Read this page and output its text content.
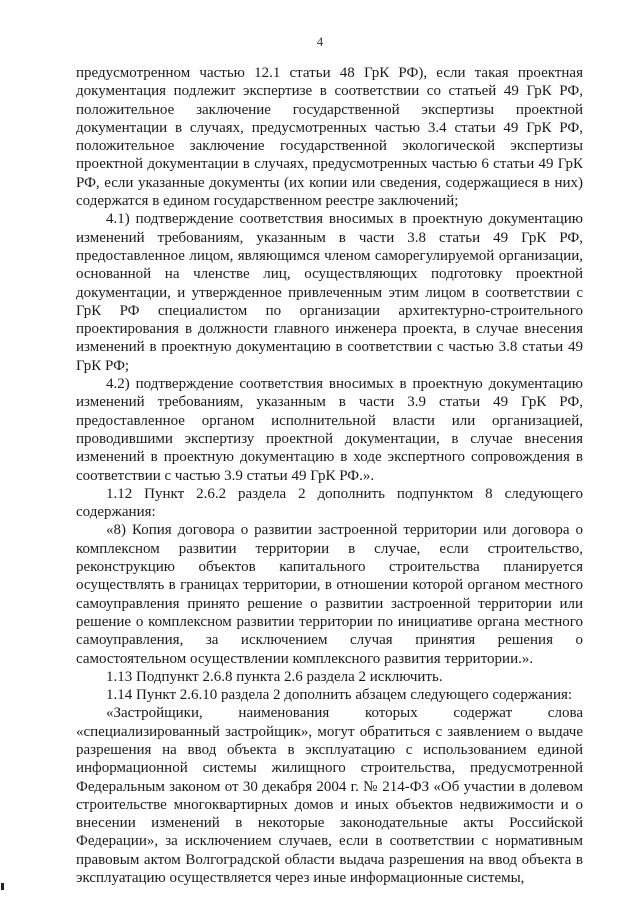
4

предусмотренном частью 12.1 статьи 48 ГрК РФ), если такая проектная документация подлежит экспертизе в соответствии со статьей 49 ГрК РФ, положительное заключение государственной экспертизы проектной документации в случаях, предусмотренных частью 3.4 статьи 49 ГрК РФ, положительное заключение государственной экологической экспертизы проектной документации в случаях, предусмотренных частью 6 статьи 49 ГрК РФ, если указанные документы (их копии или сведения, содержащиеся в них) содержатся в едином государственном реестре заключений;

4.1) подтверждение соответствия вносимых в проектную документацию изменений требованиям, указанным в части 3.8 статьи 49 ГрК РФ, предоставленное лицом, являющимся членом саморегулируемой организации, основанной на членстве лиц, осуществляющих подготовку проектной документации, и утвержденное привлеченным этим лицом в соответствии с ГрК РФ специалистом по организации архитектурно-строительного проектирования в должности главного инженера проекта, в случае внесения изменений в проектную документацию в соответствии с частью 3.8 статьи 49 ГрК РФ;

4.2) подтверждение соответствия вносимых в проектную документацию изменений требованиям, указанным в части 3.9 статьи 49 ГрК РФ, предоставленное органом исполнительной власти или организацией, проводившими экспертизу проектной документации, в случае внесения изменений в проектную документацию в ходе экспертного сопровождения в соответствии с частью 3.9 статьи 49 ГрК РФ.».

1.12 Пункт 2.6.2 раздела 2 дополнить подпунктом 8 следующего содержания:

«8) Копия договора о развитии застроенной территории или договора о комплексном развитии территории в случае, если строительство, реконструкцию объектов капитального строительства планируется осуществлять в границах территории, в отношении которой органом местного самоуправления принято решение о развитии застроенной территории или решение о комплексном развитии территории по инициативе органа местного самоуправления, за исключением случая принятия решения о самостоятельном осуществлении комплексного развития территории.».

1.13 Подпункт 2.6.8 пункта 2.6 раздела 2 исключить.

1.14 Пункт 2.6.10 раздела 2 дополнить абзацем следующего содержания:

«Застройщики, наименования которых содержат слова «специализированный застройщик», могут обратиться с заявлением о выдаче разрешения на ввод объекта в эксплуатацию с использованием единой информационной системы жилищного строительства, предусмотренной Федеральным законом от 30 декабря 2004 г. № 214-ФЗ «Об участии в долевом строительстве многоквартирных домов и иных объектов недвижимости и о внесении изменений в некоторые законодательные акты Российской Федерации», за исключением случаев, если в соответствии с нормативным правовым актом Волгоградской области выдача разрешения на ввод объекта в эксплуатацию осуществляется через иные информационные системы,
